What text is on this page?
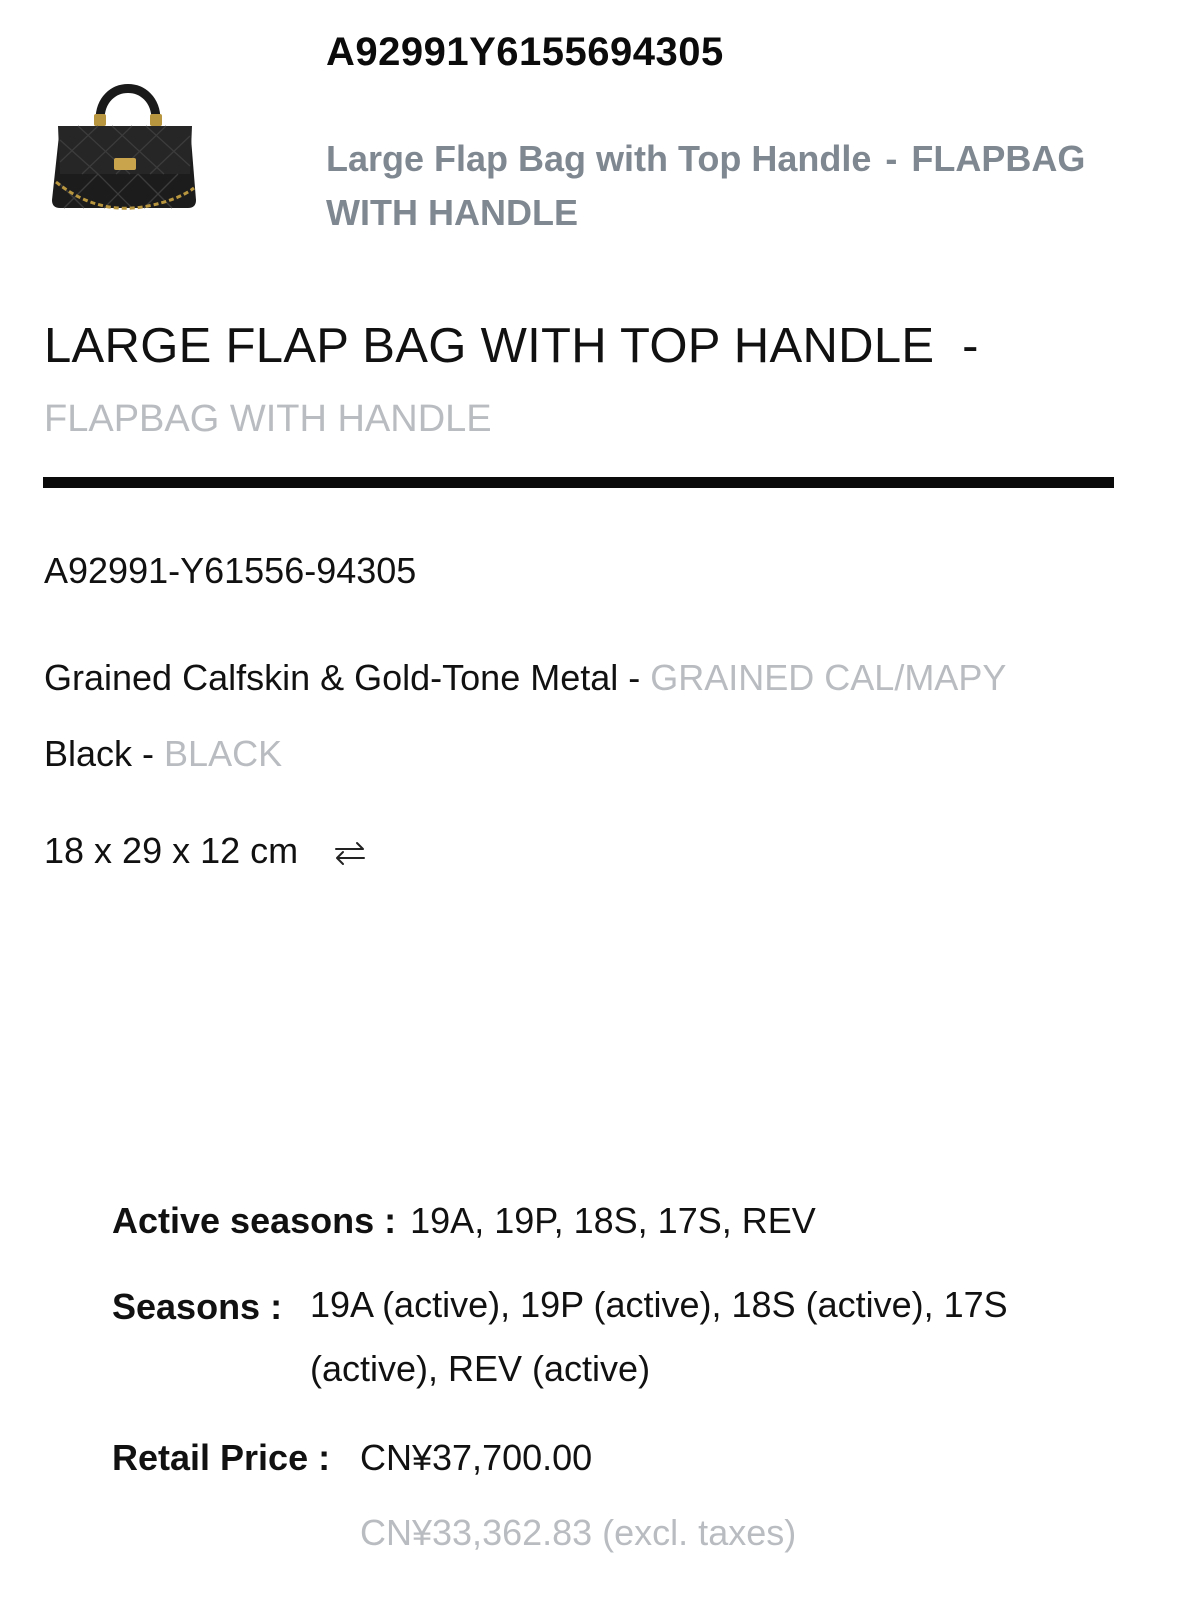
A92991Y6155694305
Large Flap Bag with Top Handle - FLAPBAG WITH HANDLE
LARGE FLAP BAG WITH TOP HANDLE  -
FLAPBAG WITH HANDLE
A92991-Y61556-94305
Grained Calfskin & Gold-Tone Metal - GRAINED CAL/MAPY
Black - BLACK
18 x 29 x 12 cm
Active seasons : 19A, 19P, 18S, 17S, REV
Seasons : 19A (active), 19P (active), 18S (active), 17S (active), REV (active)
Retail Price : CN¥37,700.00
CN¥33,362.83 (excl. taxes)
